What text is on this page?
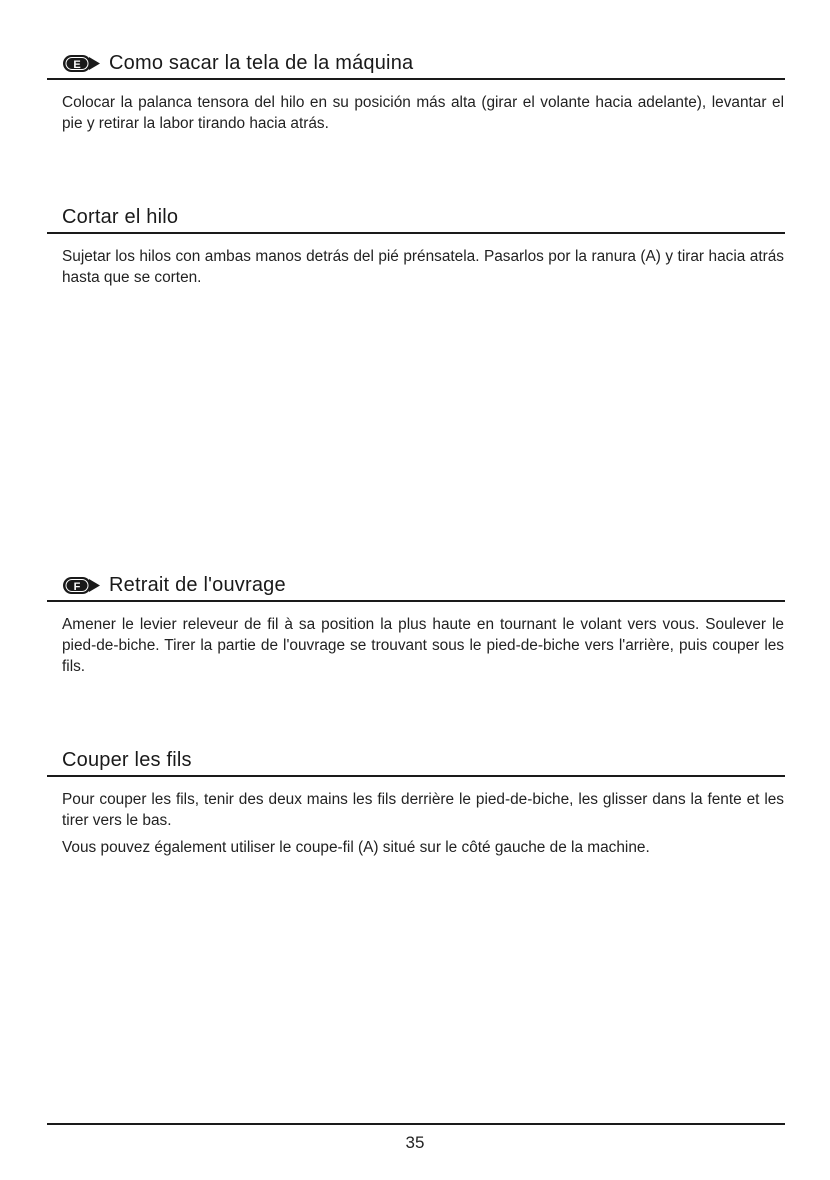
E Como sacar la tela de la máquina

Colocar la palanca tensora del hilo en su posición más alta (girar el volante hacia adelante), levantar el pie y retirar la labor tirando hacia atrás.

Cortar el hilo

Sujetar los hilos con ambas manos detrás del pié prénsatela. Pasarlos por la ranura (A) y tirar hacia atrás hasta que se corten.

F Retrait de l'ouvrage

Amener le levier releveur de fil à sa position la plus haute en tournant le volant vers vous. Soulever le pied-de-biche. Tirer la partie de l'ouvrage se trouvant sous le pied-de-biche vers l'arrière, puis couper les fils.

Couper les fils

Pour couper les fils, tenir des deux mains les fils derrière le pied-de-biche, les glisser dans la fente et les tirer vers le bas.

Vous pouvez également utiliser le coupe-fil (A) situé sur le côté gauche de la machine.

35
